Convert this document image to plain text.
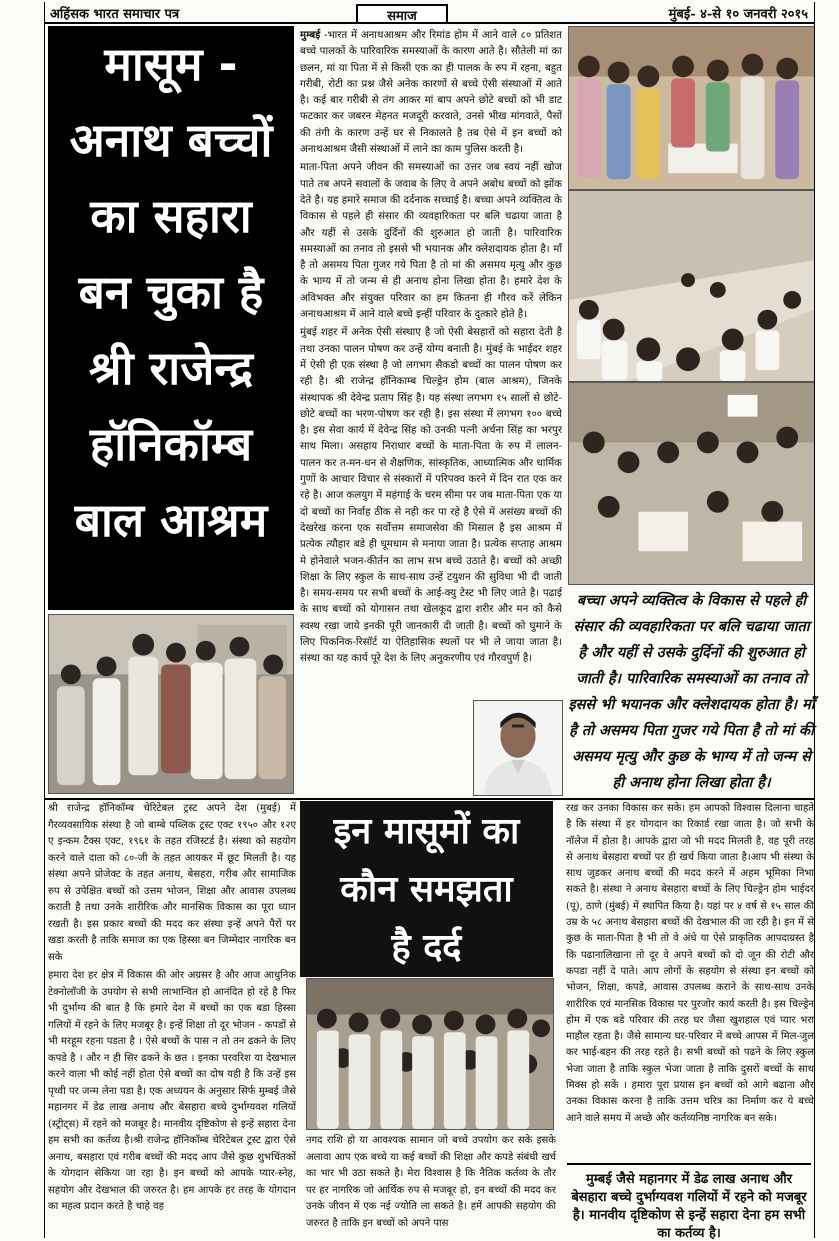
अहिंसक भारत समाचार पत्र	समाज	मुंबई- ४-से १० जनवरी २०१५
मासूम -
अनाथ बच्चों
का सहारा
बन चुका है
श्री राजेन्द्र
हॉनिकॉम्ब
बाल आश्रम

मुम्बई -भारत में अनाथआश्रम और रिमांड होम में आने वाले ८० प्रतिशत बच्चे पालकों के पारिवारिक समस्याओं के कारण आते है। सौतेली मां का छलन, मां या पिता में से किसी एक का ही पालक के रुप में रहना, बहुत गरीबी, रोटी का प्रश्न जैसे अनेक कारणों से बच्चे ऐसी संस्थाओं में आते है। कई बार गरीबी से तंग आकर मां बाप अपने छोटे बच्चों को भी डाट फटकार कर जबरन मेहनत मजदूरी करवाते, उनसे भीख मांगवाते, पैसों की तंगी के कारण उन्हें घर से निकालते है तब ऐसे में इन बच्चों को अनाथआश्रम जैसी संस्थाओं में लाने का काम पुलिस करती है।

माता-पिता अपने जीवन की समस्याओं का उत्तर जब स्वयं नहीं खोज पाते तब अपने सवालों के जवाब के लिए वे अपने अबोध बच्चों को झोंक देते है। यह हमारे समाज की दर्दनाक सच्चाई है। बच्चा अपने व्यक्तित्व के विकास से पहले ही संसार की व्यवहारिकता पर बलि चढाया जाता है और यहीं से उसके दुर्दिनों की शुरुआत हो जाती है। पारिवारिक समस्याओं का तनाव तो इससे भी भयानक और क्लेशदायक होता है। माँ है तो असमय पिता गुजर गये पिता है तो मां की असमय मृत्यु और कुछ के भाग्य में तो जन्म से ही अनाथ होना लिखा होता है। हमारे देश के अविभक्त और संयुक्त परिवार का हम कितना ही गौरव करें लेकिन अनाथआश्रम में आने वाले बच्चे इन्हीं परिवार के दुत्कारे होते है।

मुंबई शहर में अनेक ऐसी संस्थाए है जो ऐसी बेसहारों को सहारा देती है तथा उनका पालन पोषण कर उन्हें योग्य बनाती है। मुंबई के भाईदर शहर में ऐसी ही एक संस्था है जो लगभग सैकडो बच्चों का पालन पोषण कर रही है। श्री राजेन्द्र हॉनिकाम्ब चिल्ड्रेन होम (बाल आश्रम), जिनके संस्थापक श्री देवेन्द्र प्रताप सिंह है। यह संस्था लगभग १५ सालों से छोटे-छोटे बच्चों का भरण-पोषण कर रही है। इस संस्था में लगभग १०० बच्चे है। इस सेवा कार्य में देवेन्द्र सिंह को उनकी पत्नी अर्चना सिंह का भरपुर साथ मिला। असहाय निराधार बच्चों के माता-पिता के रुप में लालन-पालन कर त-मन-धन से शैक्षणिक, सांस्कृतिक, आध्यात्मिक और धार्मिक गुणों के आचार विचार से संस्कारों में परिपक्व करने में दिन रात एक कर रहे है। आज कलयुग में महंगाई के चरम सीमा पर जब माता-पिता एक या दो बच्चों का निर्वाह ठीक से नही कर पा रहे है ऐसे में असंख्य बच्चों की देखरेख करना एक सर्वोत्तम समाजसेवा की मिसाल है इस आश्रम में प्रत्येक त्यौहार बडे ही धूमधाम से मनाया जाता है। प्रत्येक सप्ताह आश्रम मे होनेवाले भजन-कीर्तन का लाभ सभ बच्चे उठाते है। बच्चों को अच्छी शिक्षा के लिए स्कुल के साथ-साथ उन्हें टयुशन की सुविधा भी दी जाती है। समय-समय पर सभी बच्चों के आई-क्यु टेस्ट भी लिए जाते है। पढाई के साथ बच्चों को योगासन तथा खेलकूद द्वारा शरीर और मन को कैसे स्वस्थ रखा जाये इनकी पूरी जानकारी दी जाती है। बच्चों को घुमाने के लिए पिकनिक-रिसॉर्ट या ऐतिहासिक स्थलों पर भी ले जाया जाता है। संस्था का यह कार्य पूरे देश के लिए अनुकरणीय एवं गौरवपुर्ण है।

बच्चा अपने व्यक्तित्व के विकास से पहले ही संसार की व्यवहारिकता पर बलि चढाया जाता है और यहीं से उसके दुर्दिनों की शुरुआत हो जाती है। पारिवारिक समस्याओं का तनाव तो इससे भी भयानक और क्लेशदायक होता है। माँ है तो असमय पिता गुजर गये पिता है तो मां की असमय मृत्यु और कुछ के भाग्य में तो जन्म से ही अनाथ होना लिखा होता है।

श्री राजेन्द्र हॉनिकॉम्ब चेरिटेबल ट्रस्ट अपने देश (मुबई) में गैरव्यवसायिक संस्था है जो बाम्बे पब्लिक ट्रस्ट एक्ट १९५० और १२ए ए इन्कम टैक्स एक्ट, १९६१ के तहत रजिस्टर्ड है। संस्था को सहयोग करने वाले दाता को ८०-जी के तहत आयकर में छूट मिलती है। यह संस्था अपने प्रोजेक्ट के तहत अनाथ, बेसहरा, गरीब और सामाजिक रुप से उपेक्षित बच्चों को उत्तम भोजन, शिक्षा और आवास उपलब्ध कराती है तथा उनके शारीरिक और मानसिक विकास का पूरा ध्यान रखती है। इस प्रकार बच्चों की मदद कर संस्था इन्हें अपने पैरों पर खडा करती है ताकि समाज का एक हिस्सा बन जिम्मेदार नागरिक बन सके

हमारा देश हर क्षेत्र में विकास की ओर अग्रसर है और आज आधुनिक टेक्नोलॉजी के उपयोग से सभी लाभान्वित हो आनंदित हो रहे है फिर भी दुर्भाग्य की बात है कि हमारे देश में बच्चों का एक बडा हिस्सा गलियों में रहने के लिए मजबूर है। इन्हें शिक्षा तो दूर भोजन - कपडों से भी मरहूम रहना पडता है । ऐसे बच्चों के पास न तो तन ढकने के लिए कपडे है । और न ही सिर ढकने के छत । इनका परवरिश या देखभाल करने वाला भी कोई नहीं होता ऐसे बच्चों का दोष यही है कि उन्हें इस पृथ्वी पर जन्म लेना पडा है। एक अध्ययन के अनुसार सिर्फ मुम्बई जैसे महानगर में डेढ लाख अनाथ और बेसहारा बच्चे दुर्भाग्यवश गलियों (स्ट्रीट्स) में रहने को मजबूर है। मानवीय दृष्टिकोण से इन्हें सहारा देना हम सभी का कर्तव्य है।श्री राजेन्द्र हॉनिकॉम्ब चेरिटेबल ट्रस्ट द्वारा ऐसे अनाथ, बसहारा एवं गरीब बच्चों की मदद आप जैसे कुछ शुभचिंतकों के योगदान सेकिया जा रहा है। इन बच्चों को आपके प्यार-स्नेह, सहयोग और देखभाल की जरुरत है। हम आपके हर तरह के योगदान का महत्व प्रदान करते है चाहे वह

इन मासूमों का
कौन समझता
है दर्द
नगद राशि हो या आवश्यक सामान जो बच्चे उपयोग कर सके इसके अलावा आप एक बच्चे या कई बच्चों की शिक्षा और कपडे संबंधी खर्च का भार भी उठा सकते है। मेरा विश्वास है कि नैतिक कर्तव्य के तौर पर हर नागरिक जो आर्थिक रुप से मजबूर हो, इन बच्चों की मदद कर उनके जीवन में एक नई ज्योति ला सकते है। हमें आपकी सहयोग की जरुरत है ताकि इन बच्चों को अपने पास
रख कर उनका विकास कर सके। हम आपको विश्वास दिलाना चाहते है कि संस्था में हर योगदान का रिकार्ड रखा जाता है। जो सभी के नॉलेज में होता है। आपके द्वारा जो भी मदद मिलती है, वह पूरी तरह से अनाथ बेसहारा बच्चों पर ही खर्च किया जाता है।आप भी संस्था के साथ जुडकर अनाथ बच्चों की मदद करने में अहम भूमिका निभा सकते है। संस्था ने अनाथ बेसहारा बच्चों के लिए चिल्ड्रेन होम भाईदर (पू), ठाणे (मुंबई) में स्थापित किया है। यहां पर ४ वर्ष से १५ साल की उम्र के ५८ अनाथ बेसहारा बच्चों की देखभाल की जा रही है। इन में से कुछ के माता-पिता है भी तो वे अंधे या ऐसे प्राकृतिक आपदाग्रस्त है कि पढानालिखाना तो दूर वे अपने बच्चों को दो जून की रोटी और कपडा नहीं दे पाते। आप लोगों के सहयोग से संस्था इन बच्चों को भोजन, शिक्षा, कपडे, आवास उपलब्ध कराने के साथ-साथ उनके शारीरिक एवं मानसिक विकास पर पुरजोर कार्य करती है। इस चिल्ड्रेन होम में एक बडे परिवार की तरह घर जैसा खुशहाल एवं प्यार भरा माहौल रहता है। जैसे सामान्य घर-परिवार में बच्चे आपस में मिल-जुल कर भाई-बहन की तरह रहते है। सभी बच्चों को पढने के लिए स्कुल भेजा जाता है ताकि स्कुल भेजा जाता है ताकि दुसरों बच्चों के साथ मिक्स हो सकें । हमारा पूरा प्रयास इन बच्चों को आगे बढाना और उनका विकास करना है ताकि उत्तम चरित्र का निर्माण कर ये बच्चे आने वाले समय में अच्छे और कर्तव्यनिष्ठ नागरिक बन सके।
मुम्बई जैसे महानगर में डेढ लाख अनाथ और बेसहारा बच्चे दुर्भाग्यवश गलियों में रहने को मजबूर है। मानवीय दृष्टिकोण से इन्हें सहारा देना हम सभी का कर्तव्य है।
